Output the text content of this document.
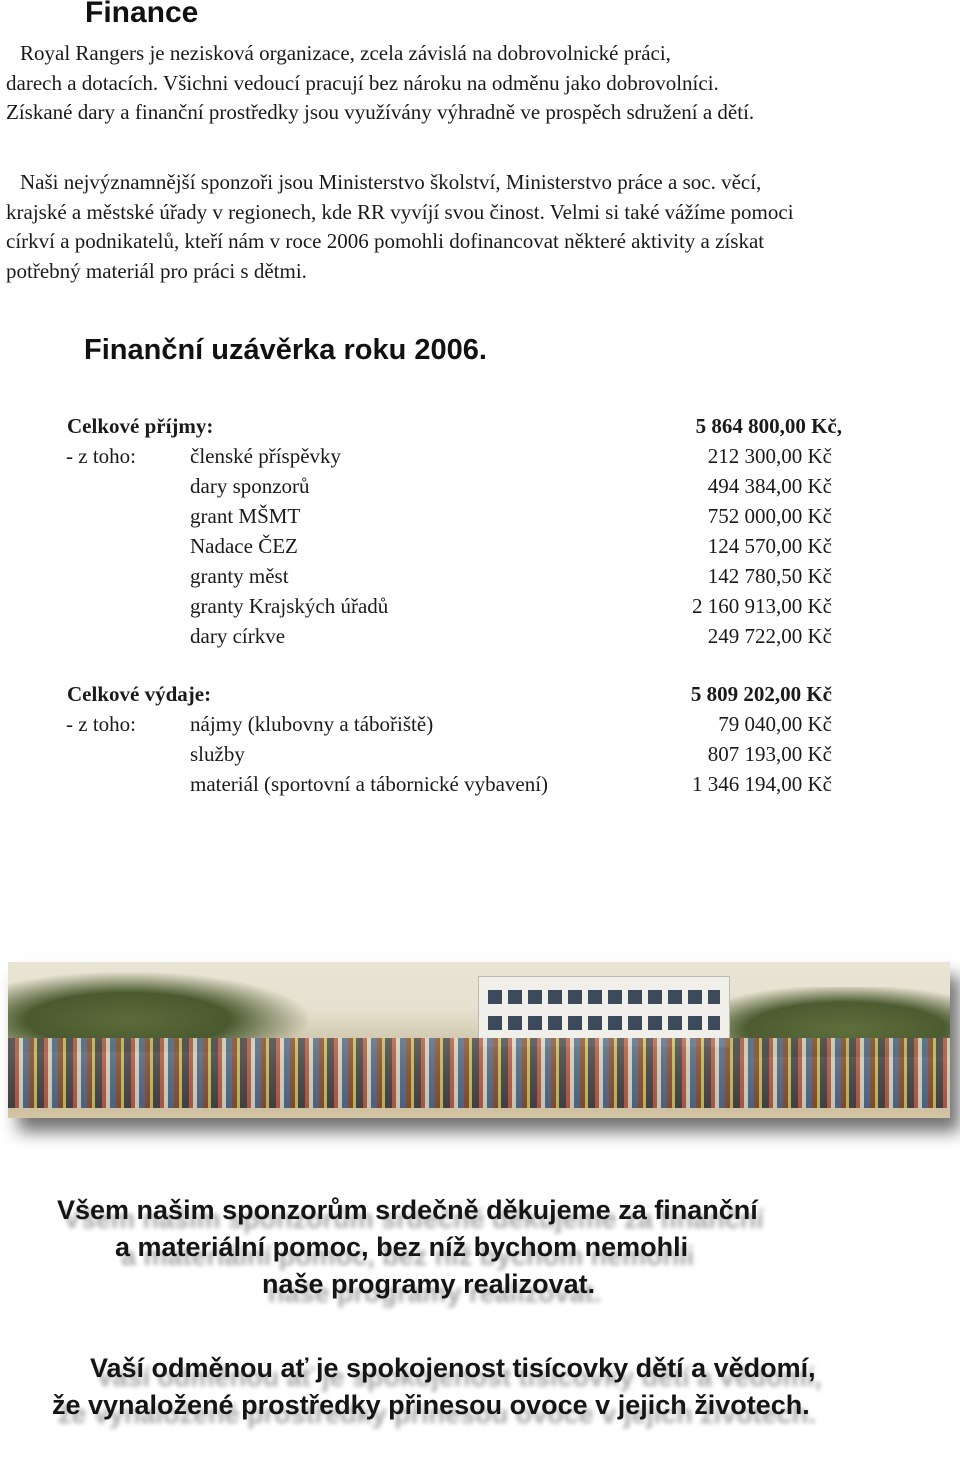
Finance

Royal Rangers je nezisková organizace, zcela závislá na dobrovolnické práci,
darech a dotacích. Všichni vedoucí pracují bez nároku na odměnu jako dobrovolníci.
Získané dary a finanční prostředky jsou využívány výhradně ve prospěch sdružení a dětí.

Naši nejvýznamnější sponzoři jsou Ministerstvo školství, Ministerstvo práce a soc. věcí,
krajské a městské úřady v regionech, kde RR vyvíjí svou činost. Velmi si také vážíme pomoci
církví a podnikatelů, kteří nám v roce 2006 pomohli dofinancovat některé aktivity a získat
potřebný materiál pro práci s dětmi.

Finanční uzávěrka roku 2006.
Celkové příjmy:	5 864 800,00 Kč,
- z toho:	členské příspěvky	212 300,00 Kč
dary sponzorů	494 384,00 Kč
grant MŠMT	752 000,00 Kč
Nadace ČEZ	124 570,00 Kč
granty měst	142 780,50 Kč
granty Krajských úřadů	2 160 913,00 Kč
dary církve	249 722,00 Kč
Celkové výdaje:	5 809 202,00 Kč
- z toho:	nájmy (klubovny a tábořiště)	79 040,00 Kč
služby	807 193,00 Kč
materiál (sportovní a tábornické vybavení)	1 346 194,00 Kč
Všem našim sponzorům srdečně děkujeme za finanční
a materiální pomoc, bez níž bychom nemohli
naše programy realizovat.
Vaší odměnou ať je spokojenost tisícovky dětí a vědomí,
že vynaložené prostředky přinesou ovoce v jejich životech.
